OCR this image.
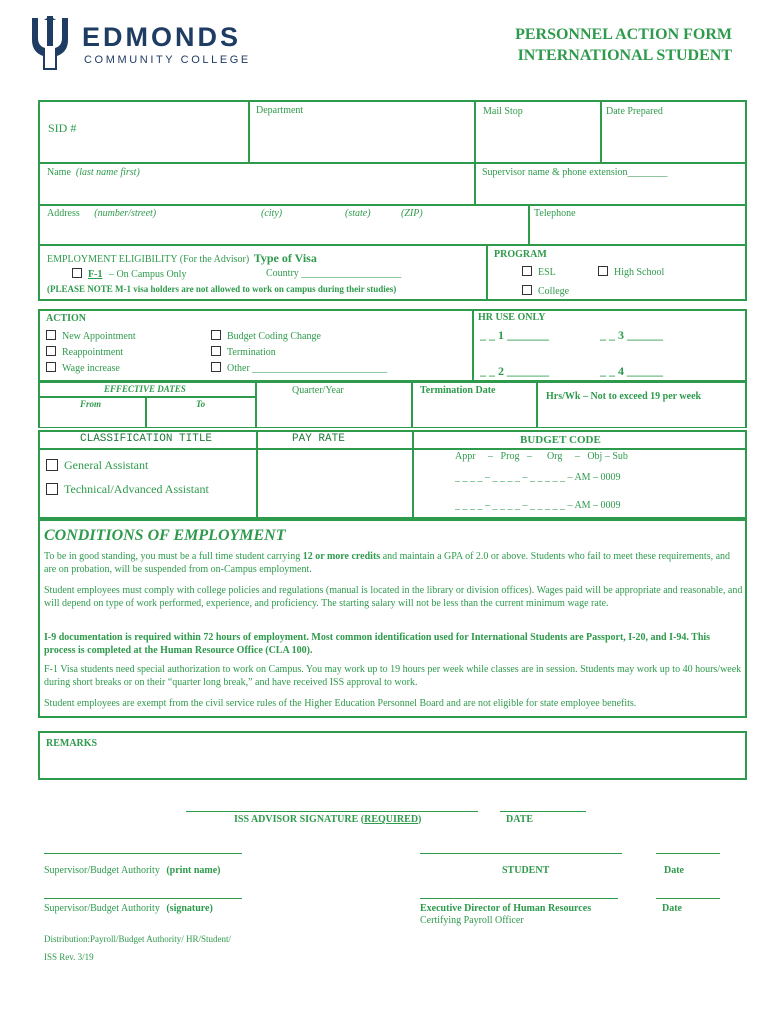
EDMONDS
COMMUNITY COLLEGE
PERSONNEL ACTION FORM
INTERNATIONAL STUDENT
Department	Mail Stop	Date Prepared
SID #
Name (last name first)	Supervisor name & phone extension________
Address (number/street)	(city)	(state)	(ZIP)	Telephone
EMPLOYMENT ELIGIBILITY (For the Advisor) Type of Visa
F-1 – On Campus Only	Country ____________________
(PLEASE NOTE M-1 visa holders are not allowed to work on campus during their studies)
PROGRAM
ESL	High School
College
ACTION
New Appointment
Reappointment
Wage increase
Budget Coding Change
Termination
Other ___________________________
HR USE ONLY
_ _ 1 _______	_ _ 3 ______
_ _ 2 _______	_ _ 4 ______
EFFECTIVE DATES
From	To
Quarter/Year	Termination Date
Hrs/Wk – Not to exceed 19 per week
CLASSIFICATION TITLE	PAY RATE	BUDGET CODE
General Assistant
Technical/Advanced Assistant
Appr     –   Prog   –      Org     –   Obj – Sub
_ _ _ _ – _ _ _ _ – _ _ _ _ _ – AM – 0009
_ _ _ _ – _ _ _ _ – _ _ _ _ _ – AM – 0009
CONDITIONS OF EMPLOYMENT
To be in good standing, you must be a full time student carrying 12 or more credits and maintain a GPA of 2.0 or above. Students who fail to meet these requirements, and are on probation, will be suspended from on-Campus employment.
Student employees must comply with college policies and regulations (manual is located in the library or division offices). Wages paid will be appropriate and reasonable, and will depend on type of work performed, experience, and proficiency. The starting salary will not be less than the current minimum wage rate.
I-9 documentation is required within 72 hours of employment. Most common identification used for International Students are Passport, I-20, and I-94. This process is completed at the Human Resource Office (CLA 100).
F-1 Visa students need special authorization to work on Campus. You may work up to 19 hours per week while classes are in session. Students may work up to 40 hours/week during short breaks or on their “quarter long break,” and have received ISS approval to work.
Student employees are exempt from the civil service rules of the Higher Education Personnel Board and are not eligible for state employee benefits.
REMARKS
ISS ADVISOR SIGNATURE (REQUIRED)	DATE
Supervisor/Budget Authority (print name)	STUDENT	Date
Supervisor/Budget Authority (signature)	Executive Director of Human Resources
Certifying Payroll Officer
Date
Distribution:Payroll/Budget Authority/ HR/Student/
ISS Rev. 3/19
